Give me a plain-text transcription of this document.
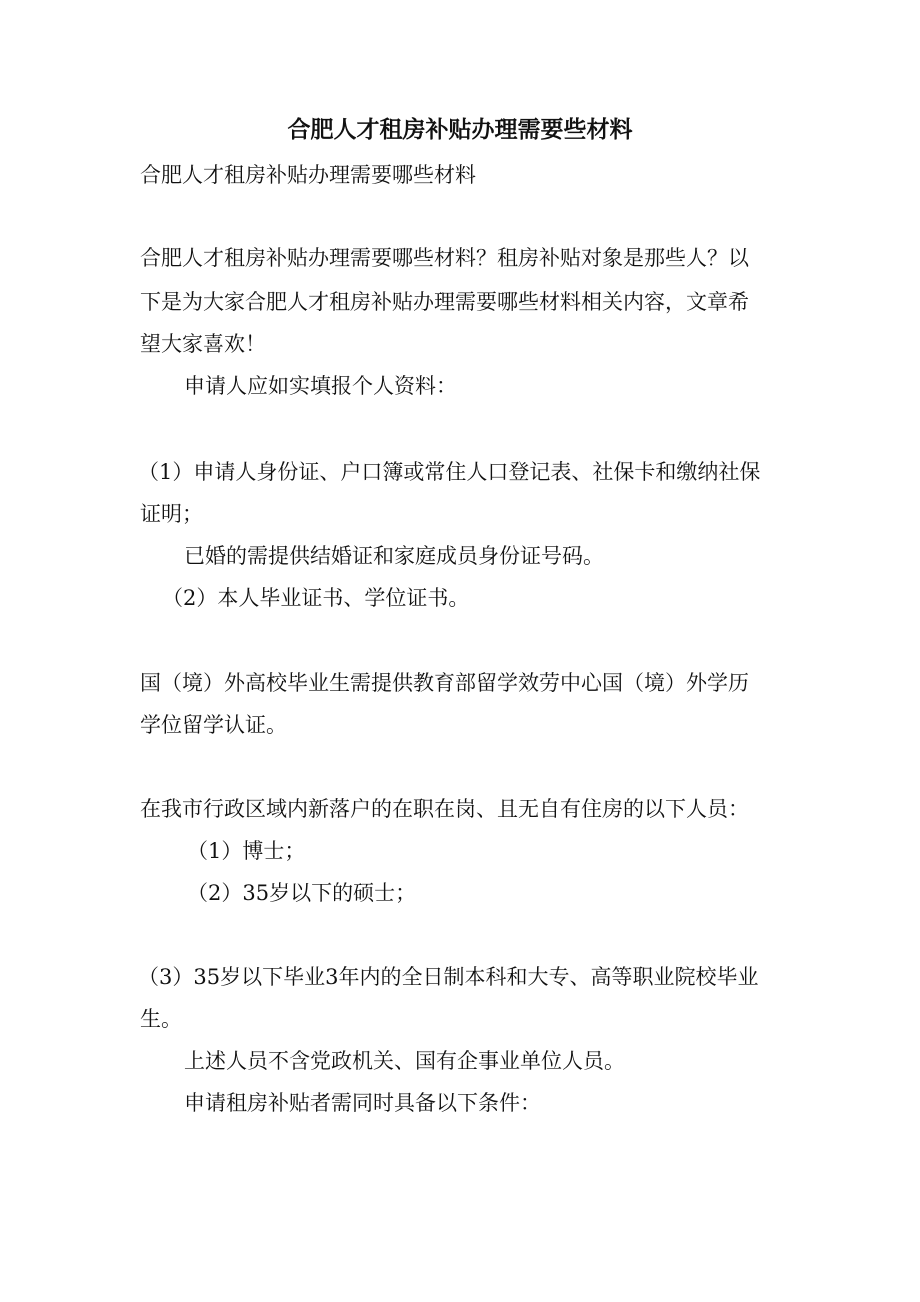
合肥人才租房补贴办理需要些材料
合肥人才租房补贴办理需要哪些材料
合肥人才租房补贴办理需要哪些材料？租房补贴对象是那些人？以
下是为大家合肥人才租房补贴办理需要哪些材料相关内容，文章希
望大家喜欢！
申请人应如实填报个人资料：
（1）申请人身份证、户口簿或常住人口登记表、社保卡和缴纳社保
证明；
已婚的需提供结婚证和家庭成员身份证号码。
（2）本人毕业证书、学位证书。
国（境）外高校毕业生需提供教育部留学效劳中心国（境）外学历
学位留学认证。
在我市行政区域内新落户的在职在岗、且无自有住房的以下人员：
（1）博士；
（2）35岁以下的硕士；
（3）35岁以下毕业3年内的全日制本科和大专、高等职业院校毕业
生。
上述人员不含党政机关、国有企事业单位人员。
申请租房补贴者需同时具备以下条件：
